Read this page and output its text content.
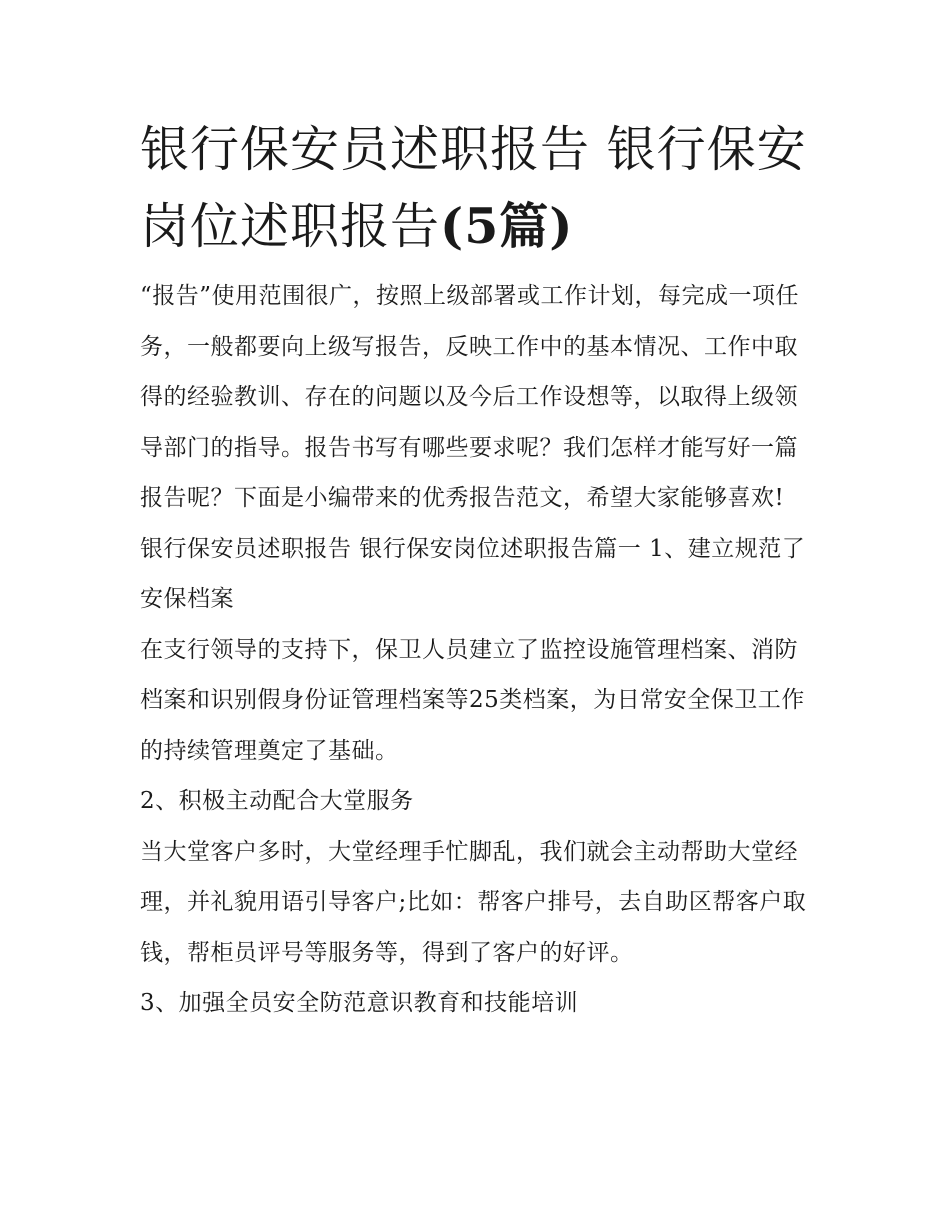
银行保安员述职报告 银行保安岗位述职报告(5篇)

“报告”使用范围很广，按照上级部署或工作计划，每完成一项任务，一般都要向上级写报告，反映工作中的基本情况、工作中取得的经验教训、存在的问题以及今后工作设想等，以取得上级领导部门的指导。报告书写有哪些要求呢？我们怎样才能写好一篇报告呢？下面是小编带来的优秀报告范文，希望大家能够喜欢!

银行保安员述职报告 银行保安岗位述职报告篇一 1、建立规范了安保档案

在支行领导的支持下，保卫人员建立了监控设施管理档案、消防档案和识别假身份证管理档案等25类档案，为日常安全保卫工作的持续管理奠定了基础。

2、积极主动配合大堂服务

当大堂客户多时，大堂经理手忙脚乱，我们就会主动帮助大堂经理，并礼貌用语引导客户;比如：帮客户排号，去自助区帮客户取钱，帮柜员评号等服务等，得到了客户的好评。

3、加强全员安全防范意识教育和技能培训
